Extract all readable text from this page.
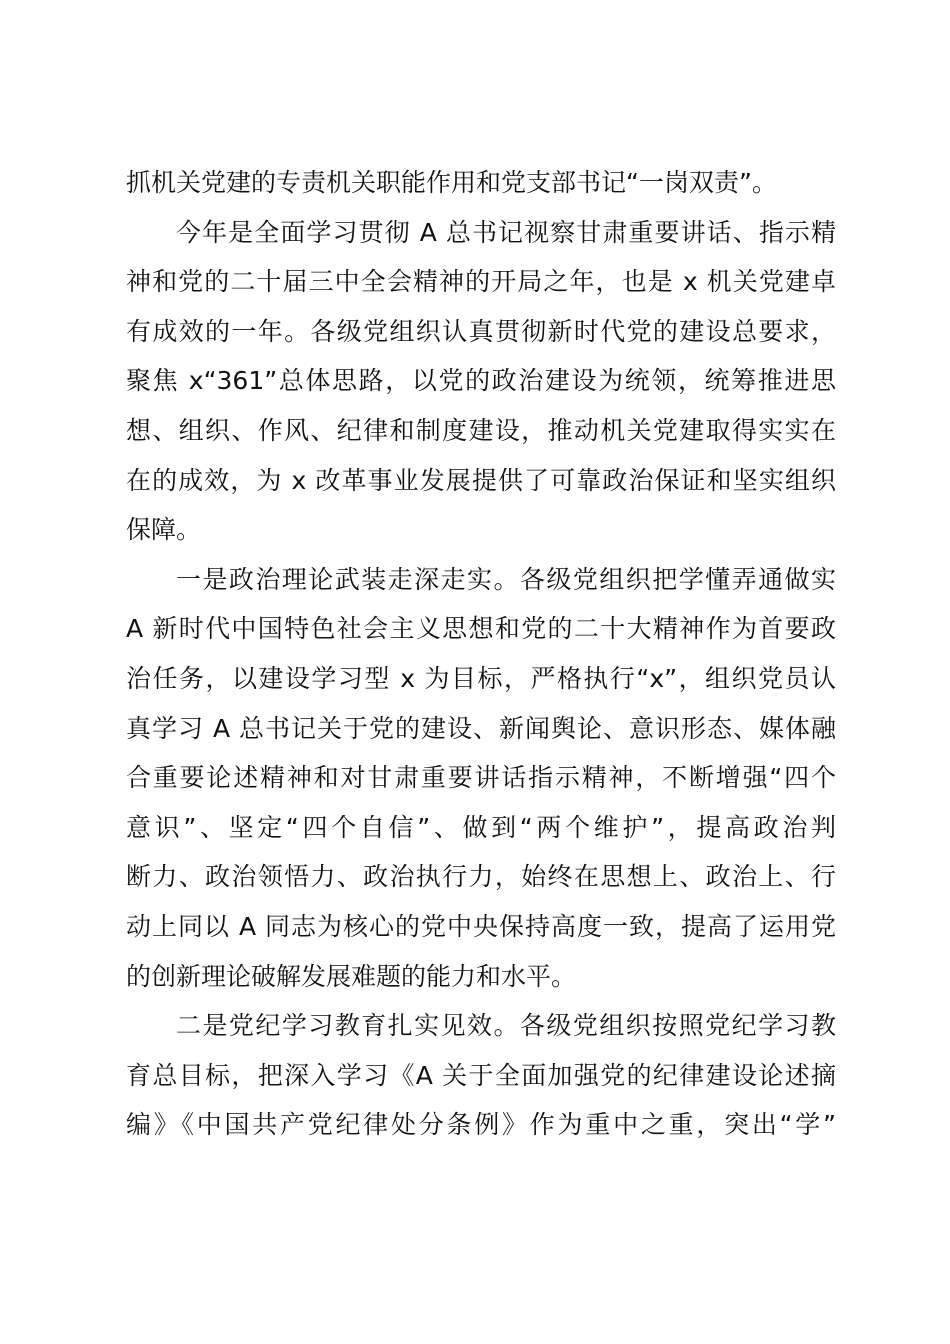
抓机关党建的专责机关职能作用和党支部书记“一岗双责”。
今年是全面学习贯彻 A 总书记视察甘肃重要讲话、指示精
神和党的二十届三中全会精神的开局之年，也是 x 机关党建卓
有成效的一年。各级党组织认真贯彻新时代党的建设总要求，
聚焦 x“361”总体思路，以党的政治建设为统领，统筹推进思
想、组织、作风、纪律和制度建设，推动机关党建取得实实在
在的成效，为 x 改革事业发展提供了可靠政治保证和坚实组织
保障。
一是政治理论武装走深走实。各级党组织把学懂弄通做实
A 新时代中国特色社会主义思想和党的二十大精神作为首要政
治任务，以建设学习型 x 为目标，严格执行“x”，组织党员认
真学习 A 总书记关于党的建设、新闻舆论、意识形态、媒体融
合重要论述精神和对甘肃重要讲话指示精神，不断增强“四个
意识”、坚定“四个自信”、做到“两个维护”，提高政治判
断力、政治领悟力、政治执行力，始终在思想上、政治上、行
动上同以 A 同志为核心的党中央保持高度一致，提高了运用党
的创新理论破解发展难题的能力和水平。
二是党纪学习教育扎实见效。各级党组织按照党纪学习教
育总目标，把深入学习《A 关于全面加强党的纪律建设论述摘
编》《中国共产党纪律处分条例》作为重中之重，突出“学”
